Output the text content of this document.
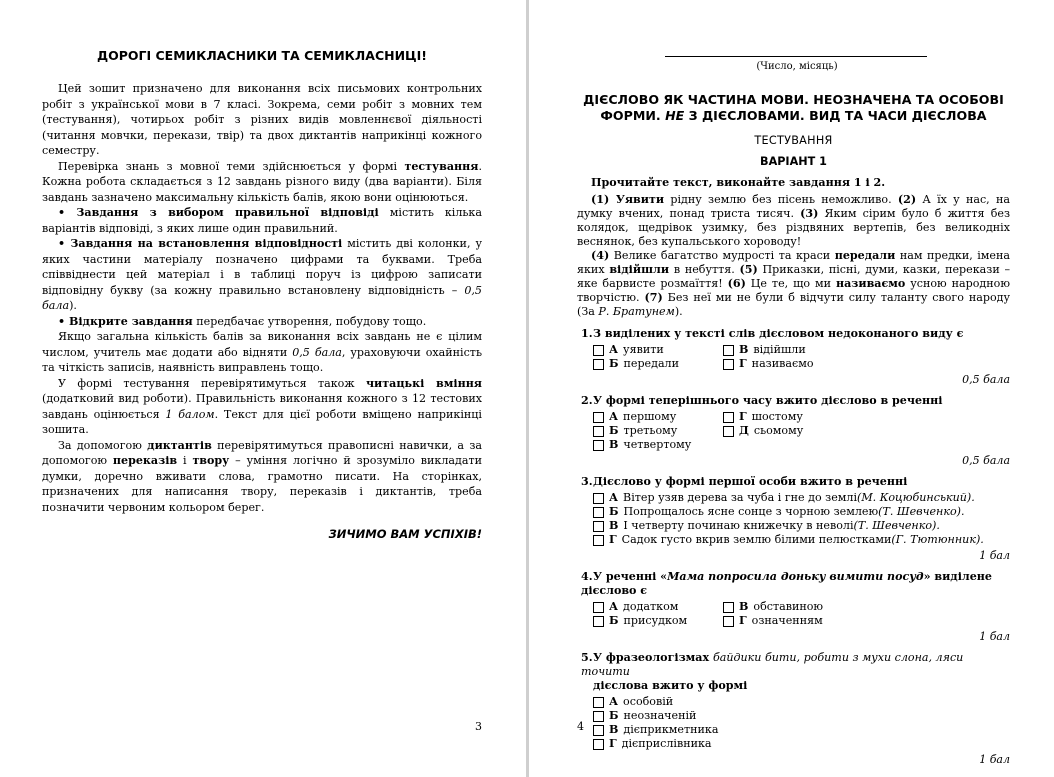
ДОРОГІ СЕМИКЛАСНИКИ ТА СЕМИКЛАСНИЦІ!

Цей зошит призначено для виконання всіх письмових контрольних робіт з української мови в 7 класі. Зокрема, семи робіт з мовних тем (тестування), чотирьох робіт з різних видів мовленнєвої діяльності (читання мовчки, перекази, твір) та двох диктантів наприкінці кожного семестру.

Перевірка знань з мовної теми здійснюється у формі тестування. Кожна робота складається з 12 завдань різного виду (два варіанти). Біля завдань зазначено максимальну кількість балів, якою вони оцінюються.

• Завдання з вибором правильної відповіді містить кілька варіантів відповіді, з яких лише один правильний.

• Завдання на встановлення відповідності містить дві колонки, у яких частини матеріалу позначено цифрами та буквами. Треба співвіднести цей матеріал і в таблиці поруч із цифрою записати відповідну букву (за кожну правильно встановлену відповідність – 0,5 бала).

• Відкрите завдання передбачає утворення, побудову тощо.

Якщо загальна кількість балів за виконання всіх завдань не є цілим числом, учитель має додати або відняти 0,5 бала, ураховуючи охайність та чіткість записів, наявність виправлень тощо.

У формі тестування перевірятимуться також читацькі вміння (додатковий вид роботи). Правильність виконання кожного з 12 тестових завдань оцінюється 1 балом. Текст для цієї роботи вміщено наприкінці зошита.

За допомогою диктантів перевірятимуться правописні навички, а за допомогою переказів і твору – уміння логічно й зрозуміло викладати думки, доречно вживати слова, грамотно писати. На сторінках, призначених для написання твору, переказів і диктантів, треба позначити червоним кольором берег.

ЗИЧИМО ВАМ УСПІХІВ!
3
(Число, місяць)
ДІЄСЛОВО ЯК ЧАСТИНА МОВИ. НЕОЗНАЧЕНА ТА ОСОБОВІ
ФОРМИ. НЕ З ДІЄСЛОВАМИ. ВИД ТА ЧАСИ ДІЄСЛОВА
ТЕСТУВАННЯ
ВАРІАНТ 1
Прочитайте текст, виконайте завдання 1 і 2.

(1) Уявити рідну землю без пісень неможливо. (2) А їх у нас, на думку вчених, понад триста тисяч. (3) Яким сірим було б життя без колядок, щедрівок узимку, без різдвяних вертепів, без великодніх веснянок, без купальського хороводу!

(4) Велике багатство мудрості та краси передали нам предки, імена яких відійшли в небуття. (5) Приказки, пісні, думи, казки, перекази – яке барвисте розмаїття! (6) Це те, що ми називаємо усною народною творчістю. (7) Без неї ми не були б відчути силу таланту свого народу (За Р. Братунем).

1.З виділених у тексті слів дієсловом недоконаного виду є
А уявити	В відійшли
Б передали	Г називаємо
0,5 бала
2.У формі теперішнього часу вжито дієслово в реченні
А першому	Г шостому
Б третьому	Д сьомому
В четвертому
0,5 бала
3.Дієслово у формі першої особи вжито в реченні
А Вітер узяв дерева за чуба і гне до землі (М. Коцюбинський).
Б Попрощалось ясне сонце з чорною землею (Т. Шевченко).
В І четверту починаю книжечку в неволі (Т. Шевченко).
Г Садок густо вкрив землю білими пелюстками (Г. Тютюнник).
1 бал
4.У реченні «Мама попросила доньку вимити посуд» виділене дієслово є
А додатком	В обставиною
Б присудком	Г означенням
1 бал
5.У фразеологізмах байдики бити, робити з мухи слона, ляси точити
дієслова вжито у формі
А особовій
Б неозначеній
В дієприкметника
Г дієприслівника
1 бал
4
